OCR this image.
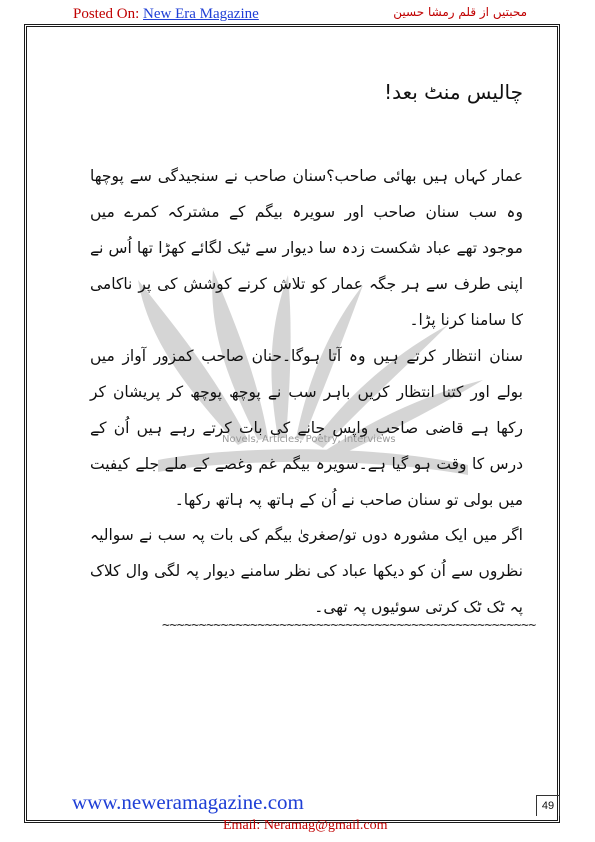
Posted On: New Era Magazine	محبتیں از قلم رمشا حسین
Novels, Articles, Poetry, Interviews
چالیس منٹ بعد!

عمار کہاں ہیں بھائی صاحب؟سنان صاحب نے سنجیدگی سے پوچھا وہ سب سنان صاحب اور سویرہ بیگم کے مشترکہ کمرے میں موجود تھے عباد شکست زدہ سا دیوار سے ٹیک لگائے کھڑا تھا اُس نے اپنی طرف سے ہر جگہ عمار کو تلاش کرنے کوشش کی پر ناکامی کا سامنا کرنا پڑا۔

سنان انتظار کرتے ہیں وہ آتا ہوگا۔حنان صاحب کمزور آواز میں بولے اور کتنا انتظار کریں باہر سب نے پوچھ پوچھ کر پریشان کر رکھا ہے قاضی صاحب واپس جانے کی بات کرتے رہے ہیں اُن کے درس کا وقت ہو گیا ہے۔سویرہ بیگم غم وغصے کے ملے جلے کیفیت میں بولی تو سنان صاحب نے اُن کے ہاتھ پہ ہاتھ رکھا۔

اگر میں ایک مشورہ دوں تو/صغریٰ بیگم کی بات پہ سب نے سوالیہ نظروں سے اُن کو دیکھا عباد کی نظر سامنے دیوار پہ لگی وال کلاک پہ ٹک ٹک کرتی سوئیوں پہ تھی۔

~~~~~~~~~~~~~~~~~~~~~~~~~~~~~~~~~~~~~~~~~~~~~~~~~~~
www.neweramagazine.com	49
Email: Neramag@gmail.com
